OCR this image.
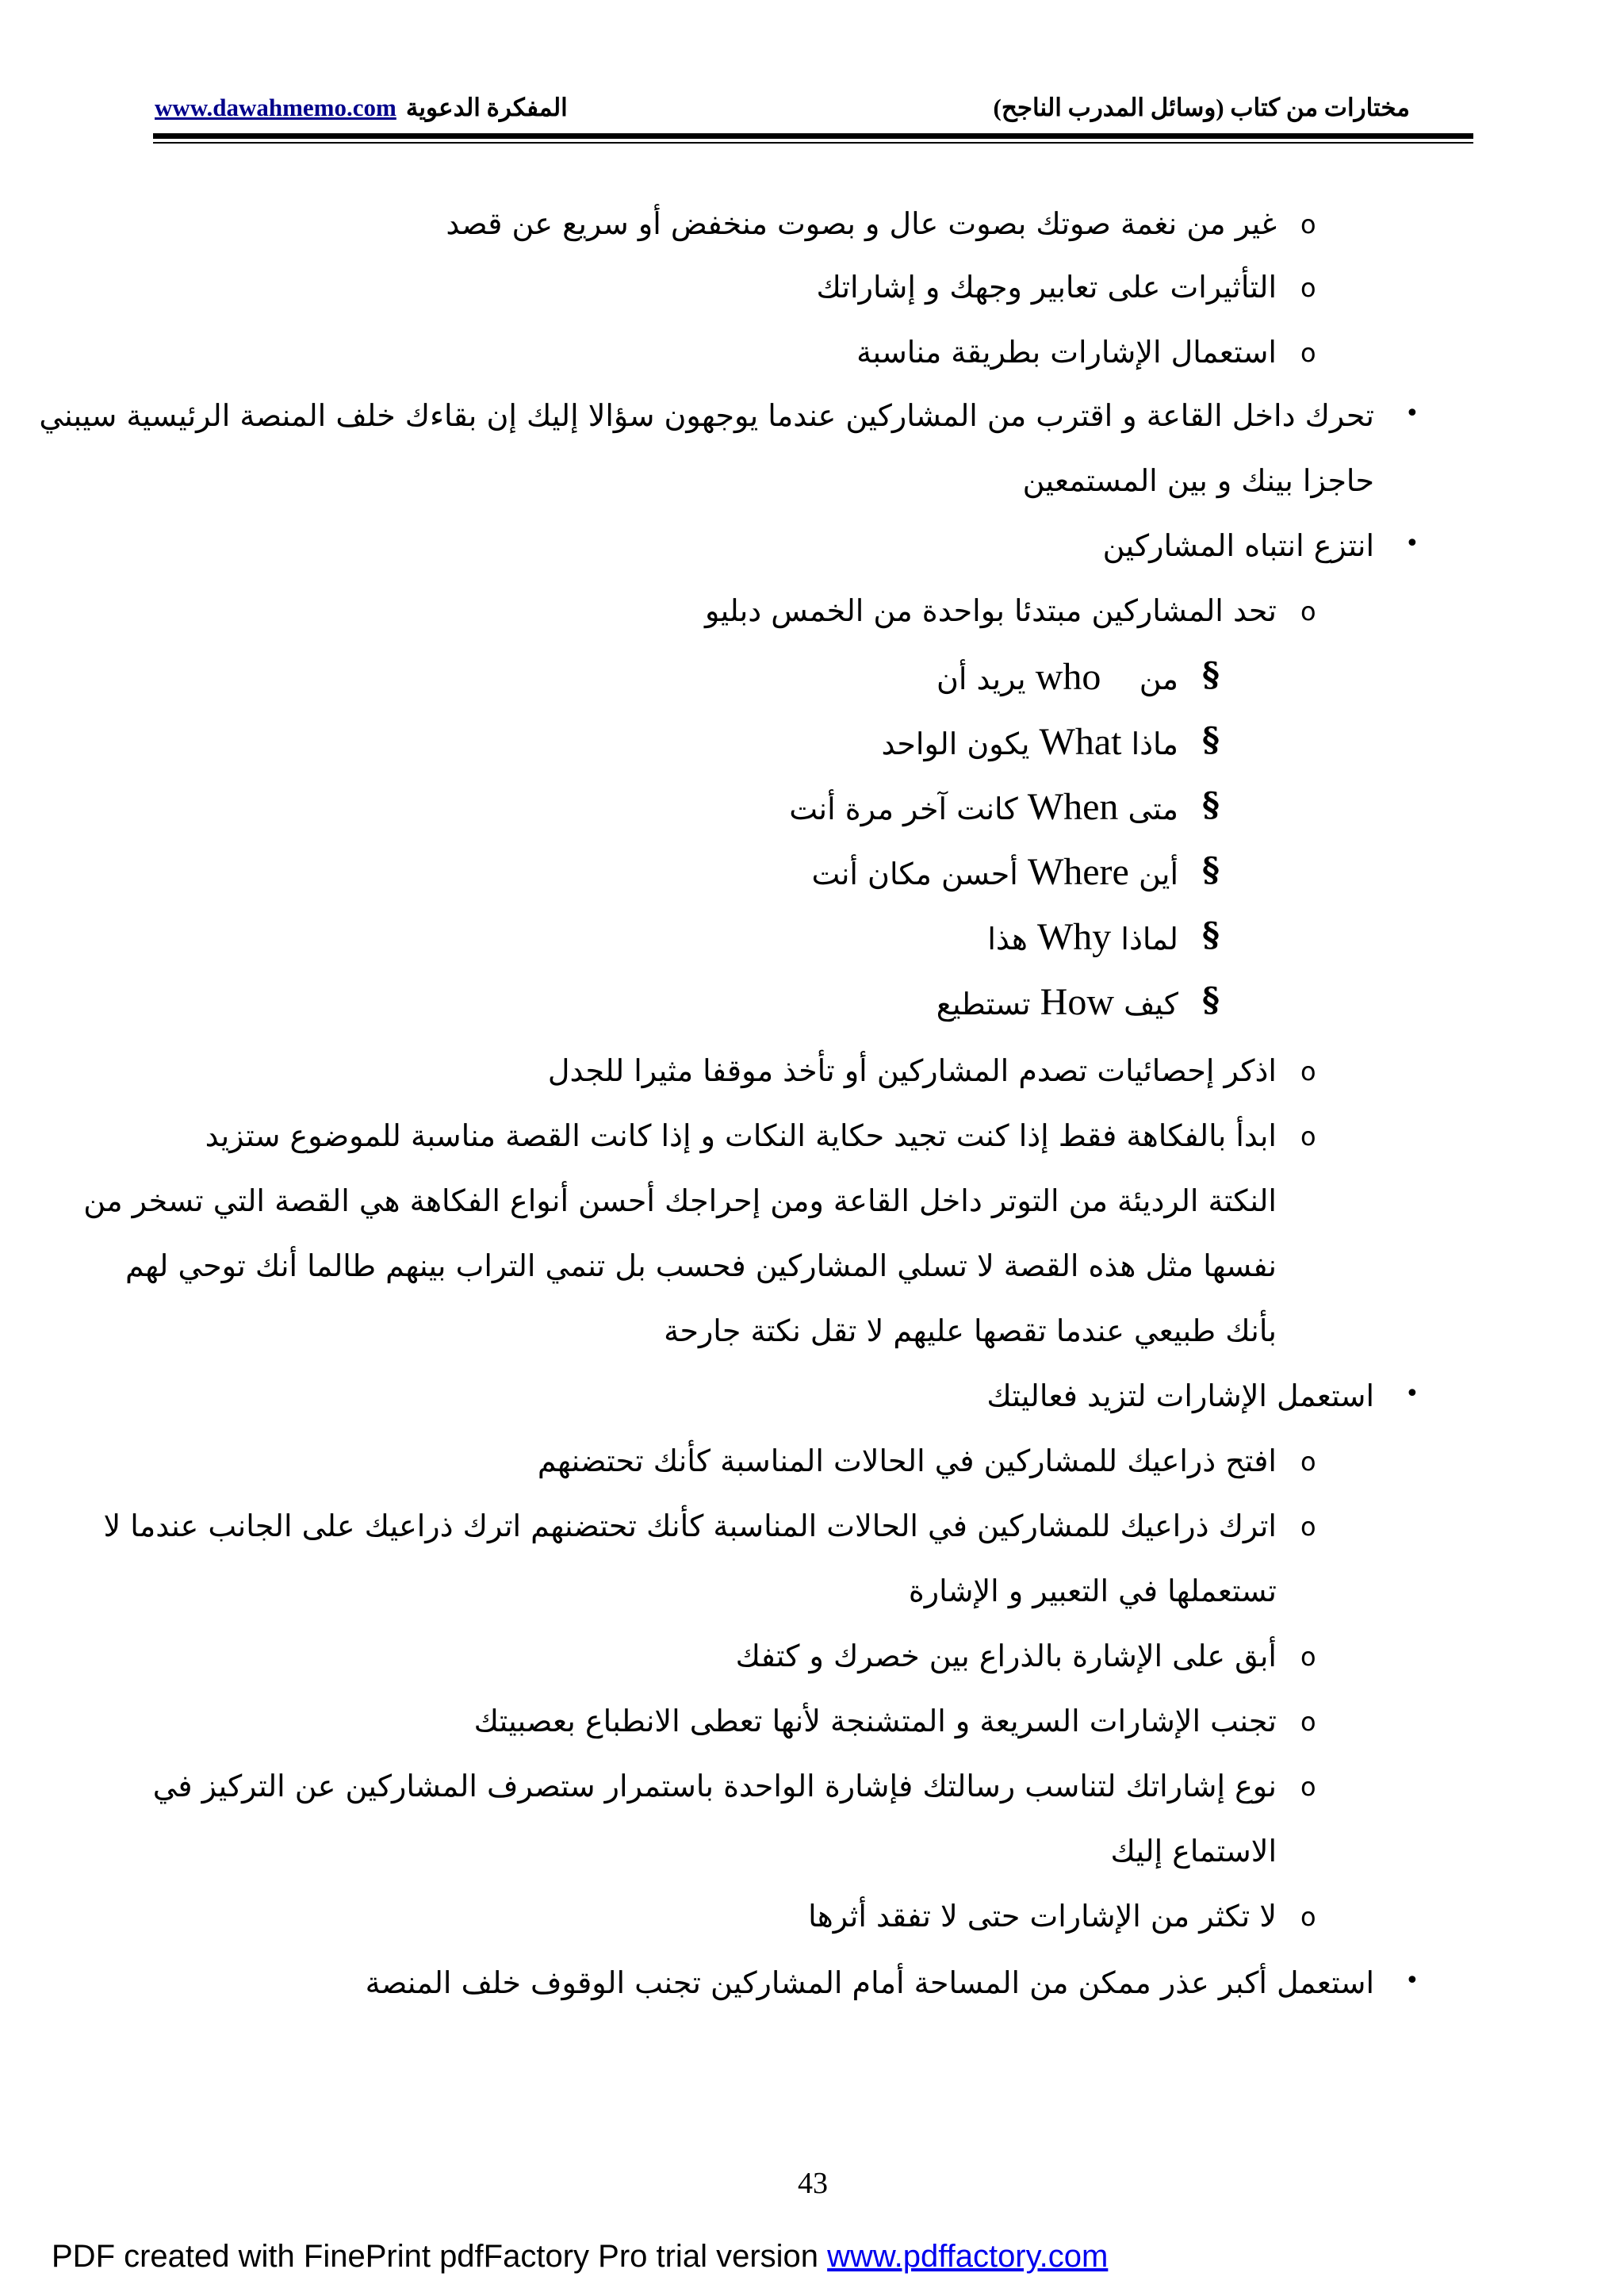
مختارات من كتاب (وسائل المدرب الناجح)
www.dawahmemo.com المفكرة الدعوية
o
غير من نغمة صوتك بصوت عال و بصوت منخفض أو سريع عن قصد
o
التأثيرات على تعابير وجهك و إشاراتك
o
استعمال الإشارات بطريقة مناسبة
•
تحرك داخل القاعة و اقترب من المشاركين عندما يوجهون سؤالا إليك إن بقاءك خلف المنصة الرئيسية سيبني
حاجزا بينك و بين المستمعين
•
انتزع انتباه المشاركين
o
تحد المشاركين مبتدئا بواحدة من الخمس دبليو
§
من    who يريد أن
§
ماذا What يكون الواحد
§
متى When كانت آخر مرة أنت
§
أين Where أحسن مكان أنت
§
لماذا Why هذا
§
كيف How تستطيع
o
اذكر إحصائيات تصدم المشاركين أو تأخذ موقفا مثيرا للجدل
o
ابدأ بالفكاهة فقط إذا كنت تجيد حكاية النكات و إذا كانت القصة مناسبة للموضوع ستزيد
النكتة الرديئة من التوتر داخل القاعة ومن إحراجك أحسن أنواع الفكاهة هي القصة التي تسخر من
نفسها مثل هذه القصة لا تسلي المشاركين فحسب بل تنمي التراب بينهم طالما أنك توحي لهم
بأنك طبيعي عندما تقصها عليهم لا تقل نكتة جارحة
•
استعمل الإشارات لتزيد فعاليتك
o
افتح ذراعيك للمشاركين في الحالات المناسبة كأنك تحتضنهم
o
اترك ذراعيك للمشاركين في الحالات المناسبة كأنك تحتضنهم اترك ذراعيك على الجانب عندما لا
تستعملها في التعبير و الإشارة
o
أبق على الإشارة بالذراع بين خصرك و كتفك
o
تجنب الإشارات السريعة و المتشنجة لأنها تعطى الانطباع بعصبيتك
o
نوع إشاراتك لتناسب رسالتك فإشارة الواحدة باستمرار ستصرف المشاركين عن التركيز في
الاستماع إليك
o
لا تكثر من الإشارات حتى لا تفقد أثرها
•
استعمل أكبر عذر ممكن من المساحة أمام المشاركين تجنب الوقوف خلف المنصة
43
PDF created with FinePrint pdfFactory Pro trial version www.pdffactory.com
